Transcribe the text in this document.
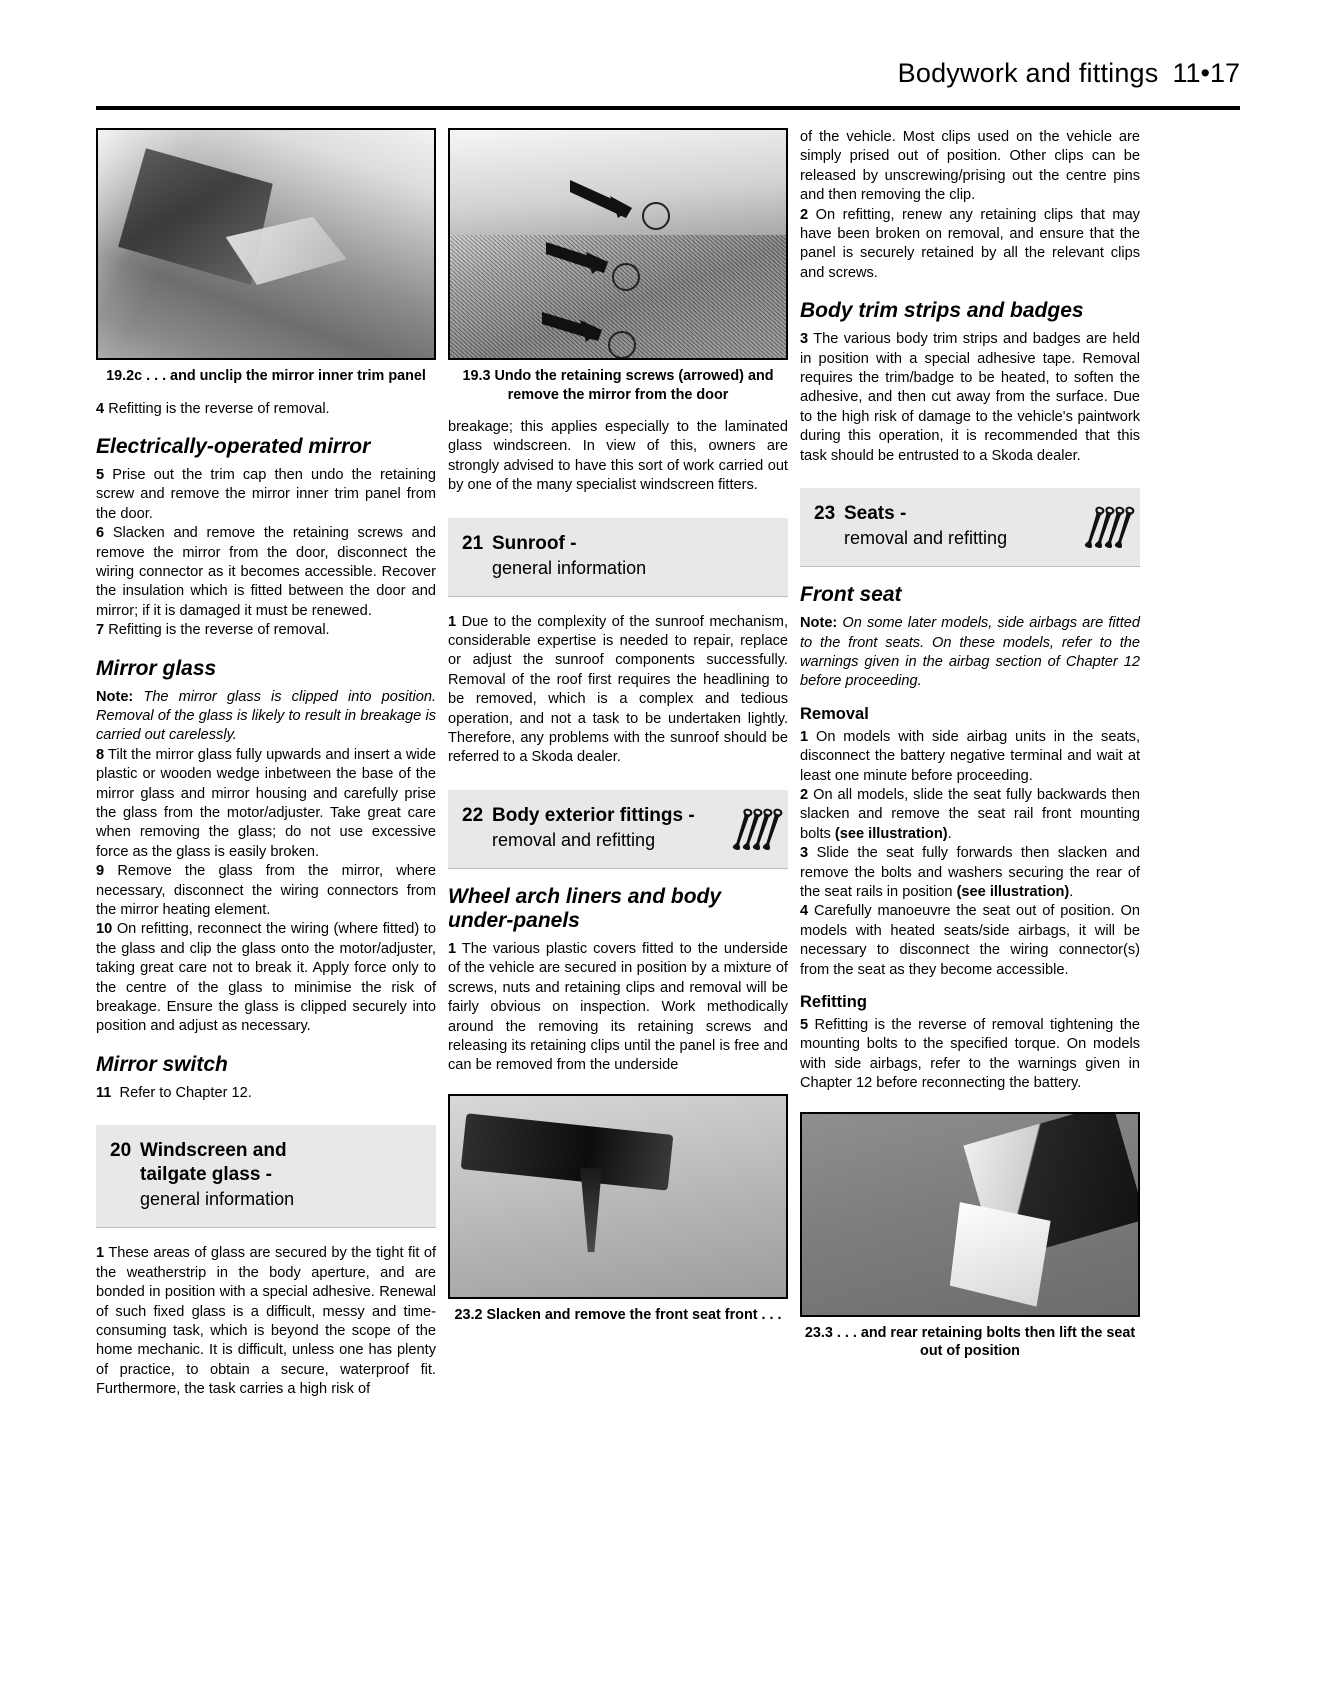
Bodywork and fittings 11•17
19.2c . . . and unclip the mirror inner trim panel

4 Refitting is the reverse of removal.

Electrically-operated mirror

5 Prise out the trim cap then undo the retaining screw and remove the mirror inner trim panel from the door.

6 Slacken and remove the retaining screws and remove the mirror from the door, disconnect the wiring connector as it becomes accessible. Recover the insulation which is fitted between the door and mirror; if it is damaged it must be renewed.

7 Refitting is the reverse of removal.

Mirror glass

Note: The mirror glass is clipped into position. Removal of the glass is likely to result in breakage is carried out carelessly.

8 Tilt the mirror glass fully upwards and insert a wide plastic or wooden wedge inbetween the base of the mirror glass and mirror housing and carefully prise the glass from the motor/adjuster. Take great care when removing the glass; do not use excessive force as the glass is easily broken.

9 Remove the glass from the mirror, where necessary, disconnect the wiring connectors from the mirror heating element.

10 On refitting, reconnect the wiring (where fitted) to the glass and clip the glass onto the motor/adjuster, taking great care not to break it. Apply force only to the centre of the glass to minimise the risk of breakage. Ensure the glass is clipped securely into position and adjust as necessary.

Mirror switch

11 Refer to Chapter 12.

20 Windscreen and
tailgate glass -
general information

1 These areas of glass are secured by the tight fit of the weatherstrip in the body aperture, and are bonded in position with a special adhesive. Renewal of such fixed glass is a difficult, messy and time-consuming task, which is beyond the scope of the home mechanic. It is difficult, unless one has plenty of practice, to obtain a secure, waterproof fit. Furthermore, the task carries a high risk of

19.3 Undo the retaining screws (arrowed) and remove the mirror from the door

breakage; this applies especially to the laminated glass windscreen. In view of this, owners are strongly advised to have this sort of work carried out by one of the many specialist windscreen fitters.

21 Sunroof -
general information

1 Due to the complexity of the sunroof mechanism, considerable expertise is needed to repair, replace or adjust the sunroof components successfully. Removal of the roof first requires the headlining to be removed, which is a complex and tedious operation, and not a task to be undertaken lightly. Therefore, any problems with the sunroof should be referred to a Skoda dealer.

22 Body exterior fittings -
removal and refitting
Wheel arch liners and body
under-panels

1 The various plastic covers fitted to the underside of the vehicle are secured in position by a mixture of screws, nuts and retaining clips and removal will be fairly obvious on inspection. Work methodically around the removing its retaining screws and releasing its retaining clips until the panel is free and can be removed from the underside

23.2 Slacken and remove the front seat front . . .

of the vehicle. Most clips used on the vehicle are simply prised out of position. Other clips can be released by unscrewing/prising out the centre pins and then removing the clip.

2 On refitting, renew any retaining clips that may have been broken on removal, and ensure that the panel is securely retained by all the relevant clips and screws.

Body trim strips and badges

3 The various body trim strips and badges are held in position with a special adhesive tape. Removal requires the trim/badge to be heated, to soften the adhesive, and then cut away from the surface. Due to the high risk of damage to the vehicle's paintwork during this operation, it is recommended that this task should be entrusted to a Skoda dealer.

23 Seats -
removal and refitting
Front seat

Note: On some later models, side airbags are fitted to the front seats. On these models, refer to the warnings given in the airbag section of Chapter 12 before proceeding.

Removal

1 On models with side airbag units in the seats, disconnect the battery negative terminal and wait at least one minute before proceeding.

2 On all models, slide the seat fully backwards then slacken and remove the seat rail front mounting bolts (see illustration).

3 Slide the seat fully forwards then slacken and remove the bolts and washers securing the rear of the seat rails in position (see illustration).

4 Carefully manoeuvre the seat out of position. On models with heated seats/side airbags, it will be necessary to disconnect the wiring connector(s) from the seat as they become accessible.

Refitting

5 Refitting is the reverse of removal tightening the mounting bolts to the specified torque. On models with side airbags, refer to the warnings given in Chapter 12 before reconnecting the battery.

23.3 . . . and rear retaining bolts then lift the seat out of position
